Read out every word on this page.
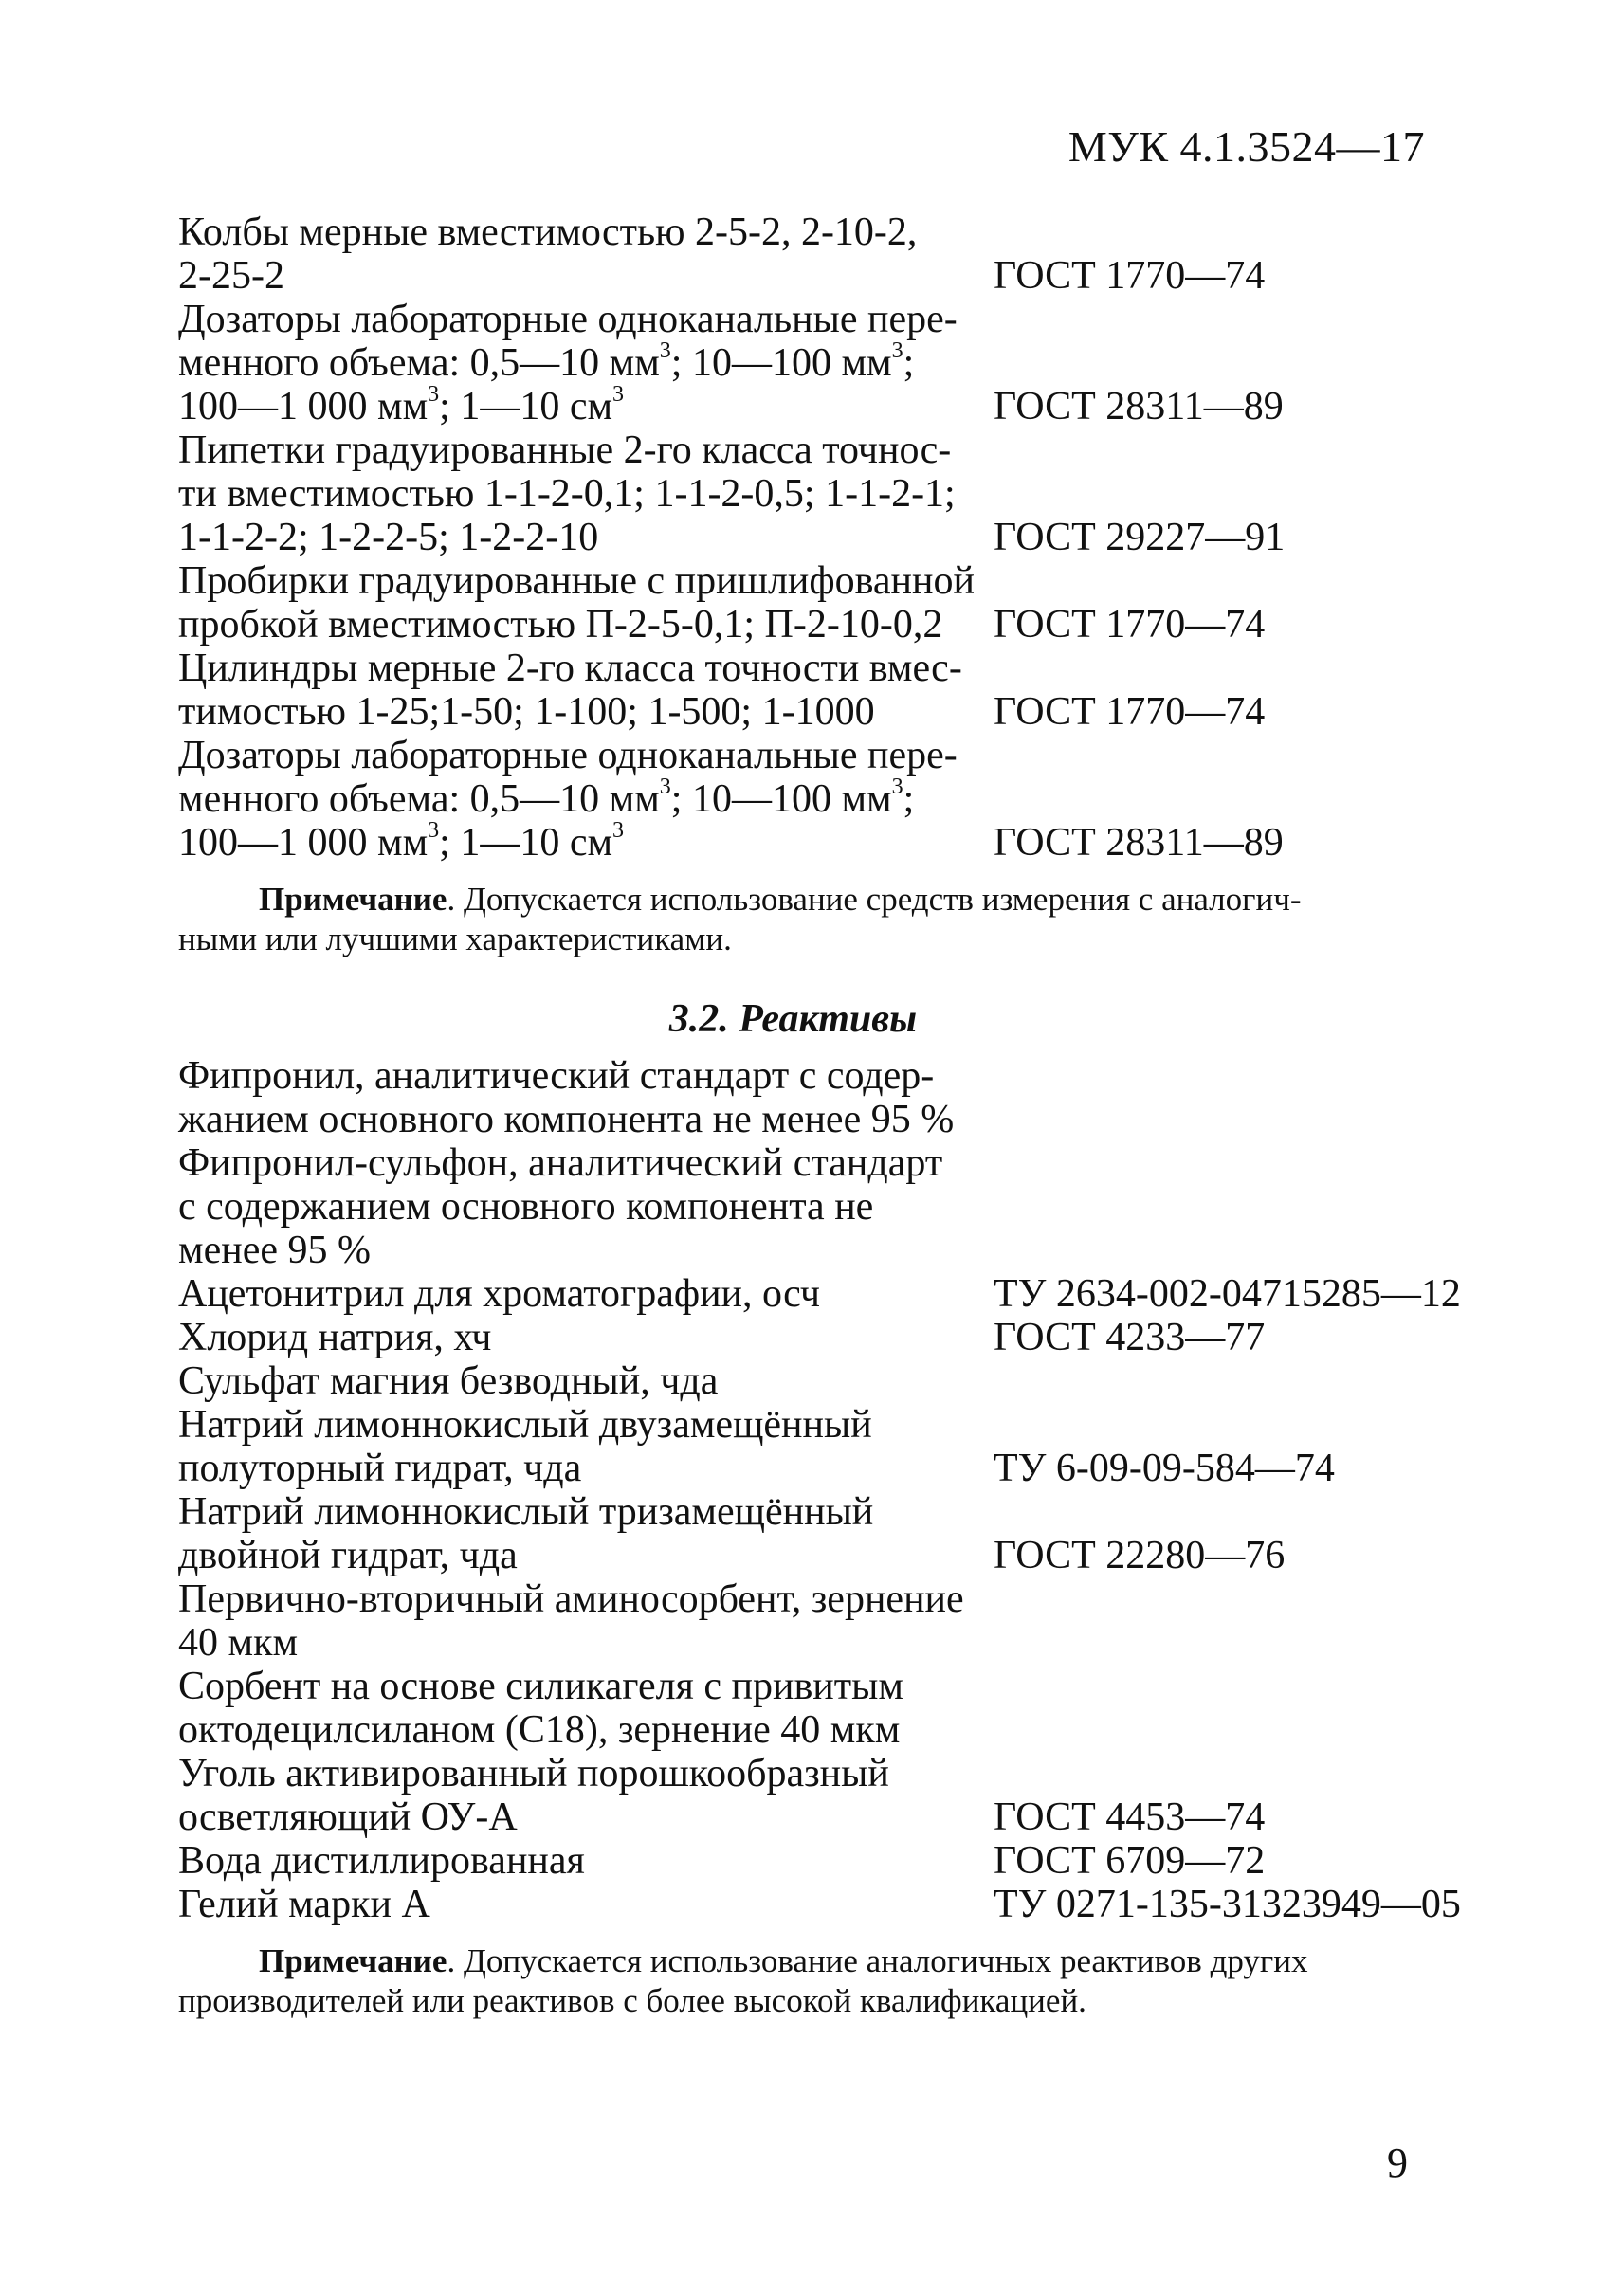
МУК 4.1.3524—17
Колбы мерные вместимостью 2-5-2, 2-10-2,
2-25-2	ГОСТ 1770—74
Дозаторы лабораторные одноканальные пере-
менного объема: 0,5—10 $мм^3$; 10—100 $мм^3$;
100—1 000 $мм^3$; 1—10 $см^3$	ГОСТ 28311—89
Пипетки градуированные 2-го класса точнос-
ти вместимостью 1-1-2-0,1; 1-1-2-0,5; 1-1-2-1;
1-1-2-2; 1-2-2-5; 1-2-2-10	ГОСТ 29227—91
Пробирки градуированные с пришлифованной
пробкой вместимостью П-2-5-0,1; П-2-10-0,2	ГОСТ 1770—74
Цилиндры мерные 2-го класса точности вмес-
тимостью 1-25;1-50; 1-100; 1-500; 1-1000	ГОСТ 1770—74
Дозаторы лабораторные одноканальные пере-
менного объема: 0,5—10 $мм^3$; 10—100 $мм^3$;
100—1 000 $мм^3$; 1—10 $см^3$	ГОСТ 28311—89
Примечание. Допускается использование средств измерения с аналогич-
ными или лучшими характеристиками.
3.2. Реактивы
Фипронил, аналитический стандарт с содер-
жанием основного компонента не менее 95 %
Фипронил-сульфон, аналитический стандарт
с содержанием основного компонента не
менее 95 %
Ацетонитрил для хроматографии, осч	ТУ 2634-002-04715285—12
Хлорид натрия, хч	ГОСТ 4233—77
Сульфат магния безводный, чда
Натрий лимоннокислый двузамещённый
полуторный гидрат, чда	ТУ 6-09-09-584—74
Натрий лимоннокислый тризамещённый
двойной гидрат, чда	ГОСТ 22280—76
Первично-вторичный аминосорбент, зернение
40 мкм
Сорбент на основе силикагеля с привитым
октодецилсиланом (С18), зернение 40 мкм
Уголь активированный порошкообразный
осветляющий ОУ-А	ГОСТ 4453—74
Вода дистиллированная	ГОСТ 6709—72
Гелий марки А	ТУ 0271-135-31323949—05
Примечание. Допускается использование аналогичных реактивов других
производителей или реактивов с более высокой квалификацией.
9
